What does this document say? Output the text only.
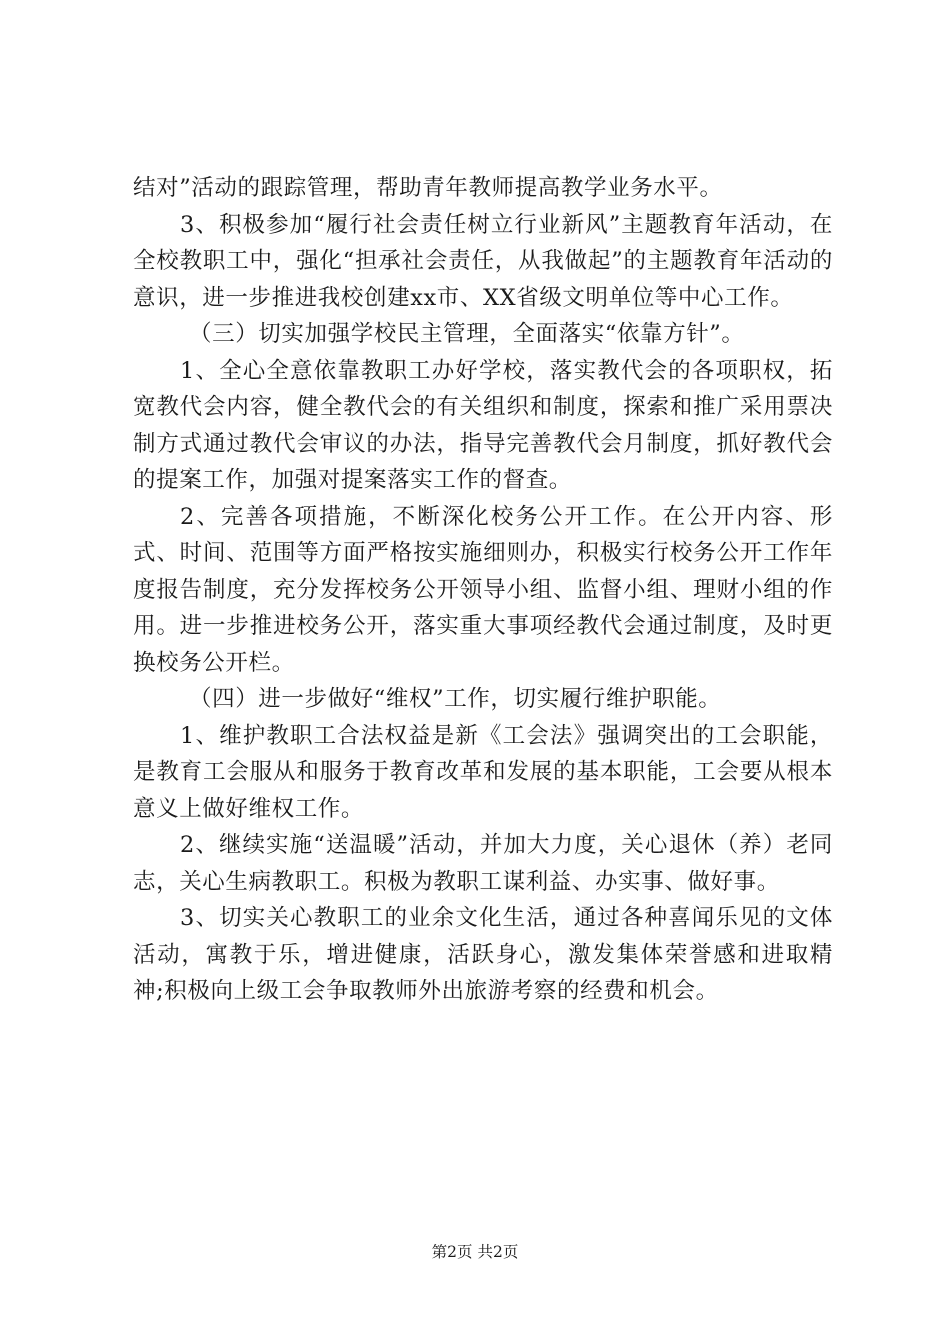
结对”活动的跟踪管理，帮助青年教师提高教学业务水平。

3、积极参加“履行社会责任树立行业新风”主题教育年活动，在全校教职工中，强化“担承社会责任，从我做起”的主题教育年活动的意识，进一步推进我校创建xx市、XX省级文明单位等中心工作。

（三）切实加强学校民主管理，全面落实“依靠方针”。

1、全心全意依靠教职工办好学校，落实教代会的各项职权，拓宽教代会内容，健全教代会的有关组织和制度，探索和推广采用票决制方式通过教代会审议的办法，指导完善教代会月制度，抓好教代会的提案工作，加强对提案落实工作的督查。

2、完善各项措施，不断深化校务公开工作。在公开内容、形式、时间、范围等方面严格按实施细则办，积极实行校务公开工作年度报告制度，充分发挥校务公开领导小组、监督小组、理财小组的作用。进一步推进校务公开，落实重大事项经教代会通过制度，及时更换校务公开栏。

（四）进一步做好“维权”工作，切实履行维护职能。

1、维护教职工合法权益是新《工会法》强调突出的工会职能，是教育工会服从和服务于教育改革和发展的基本职能，工会要从根本意义上做好维权工作。

2、继续实施“送温暖”活动，并加大力度，关心退休（养）老同志，关心生病教职工。积极为教职工谋利益、办实事、做好事。

3、切实关心教职工的业余文化生活，通过各种喜闻乐见的文体活动，寓教于乐，增进健康，活跃身心，激发集体荣誉感和进取精神;积极向上级工会争取教师外出旅游考察的经费和机会。

第2页 共2页
